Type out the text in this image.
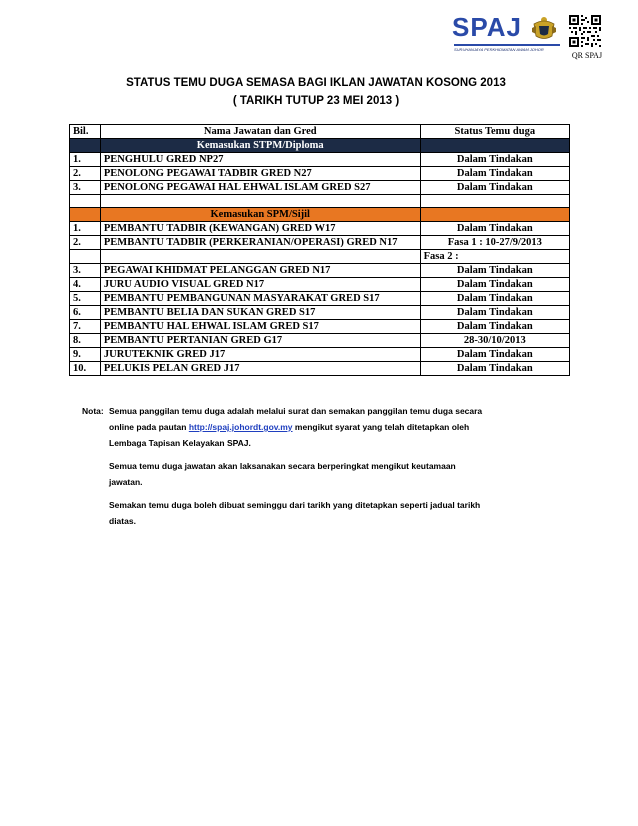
SPAJ
SURUHANJAYA PERKHIDMATAN AWAM JOHOR
QR SPAJ
STATUS TEMU DUGA SEMASA BAGI IKLAN JAWATAN KOSONG 2013
( TARIKH TUTUP 23 MEI 2013 )
Bil.	Nama Jawatan dan Gred	Status Temu duga
	Kemasukan STPM/Diploma	
1.	PENGHULU GRED NP27	Dalam Tindakan
2.	PENOLONG PEGAWAI TADBIR GRED N27	Dalam Tindakan
3.	PENOLONG PEGAWAI HAL EHWAL ISLAM GRED S27	Dalam Tindakan

	Kemasukan SPM/Sijil	
1.	PEMBANTU TADBIR (KEWANGAN) GRED W17	Dalam Tindakan
2.	PEMBANTU TADBIR (PERKERANIAN/OPERASI) GRED N17	Fasa 1 : 10-27/9/2013
		Fasa 2 :
3.	PEGAWAI KHIDMAT PELANGGAN GRED N17	Dalam Tindakan
4.	JURU AUDIO VISUAL GRED N17	Dalam Tindakan
5.	PEMBANTU PEMBANGUNAN MASYARAKAT GRED S17	Dalam Tindakan
6.	PEMBANTU BELIA DAN SUKAN GRED S17	Dalam Tindakan
7.	PEMBANTU HAL EHWAL ISLAM GRED S17	Dalam Tindakan
8.	PEMBANTU PERTANIAN GRED G17	28-30/10/2013
9.	JURUTEKNIK GRED J17	Dalam Tindakan
10.	PELUKIS PELAN GRED J17	Dalam Tindakan
Nota: Semua panggilan temu duga adalah melalui surat dan semakan panggilan temu duga secara
online pada pautan http://spaj.johordt.gov.my mengikut syarat yang telah ditetapkan oleh
Lembaga Tapisan Kelayakan SPAJ.
Semua temu duga jawatan akan laksanakan secara berperingkat mengikut keutamaan
jawatan.
Semakan temu duga boleh dibuat seminggu dari tarikh yang ditetapkan seperti jadual tarikh
diatas.
